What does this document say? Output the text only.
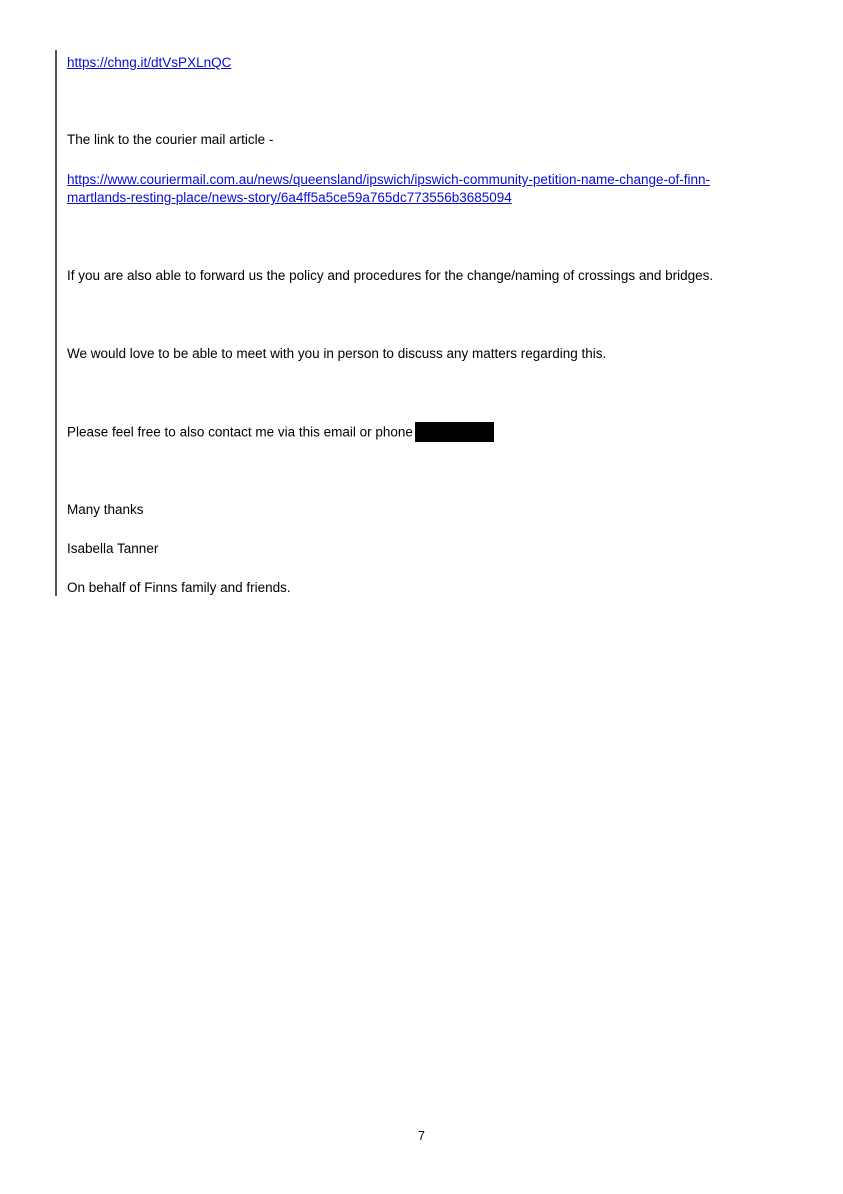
https://chng.it/dtVsPXLnQC
The link to the courier mail article -
https://www.couriermail.com.au/news/queensland/ipswich/ipswich-community-petition-name-change-of-finn-
martlands-resting-place/news-story/6a4ff5a5ce59a765dc773556b3685094
If you are also able to forward us the policy and procedures for the change/naming of crossings and bridges.
We would love to be able to meet with you in person to discuss any matters regarding this.
Please feel free to also contact me via this email or phone
Many thanks
Isabella Tanner
On behalf of Finns family and friends.
7
